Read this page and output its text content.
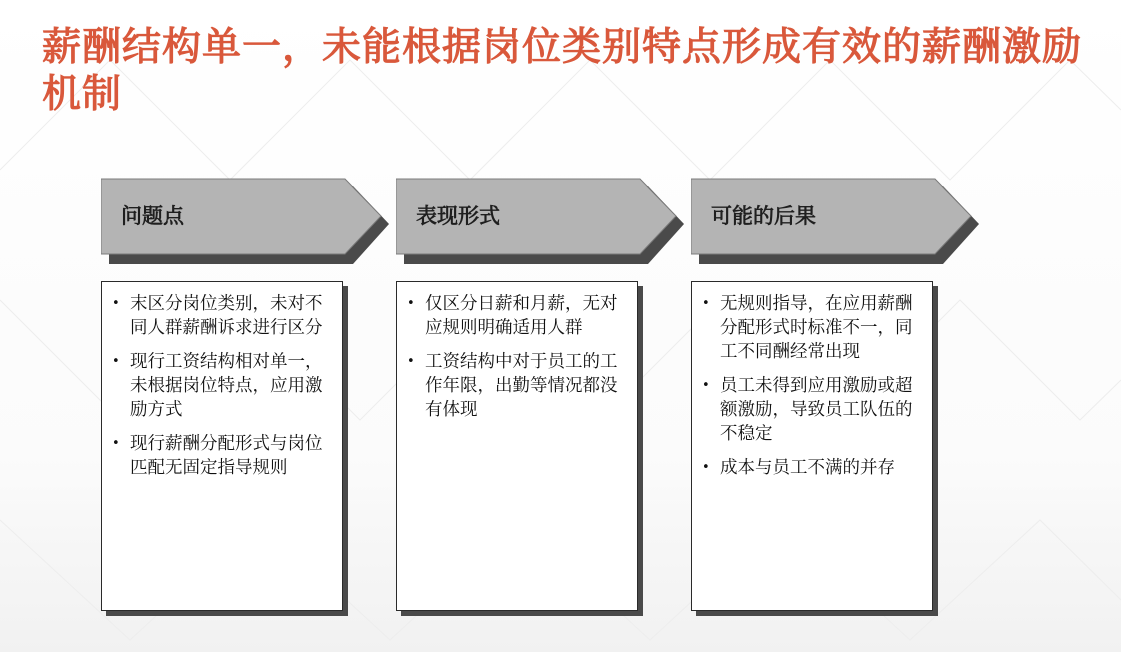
薪酬结构单一，未能根据岗位类别特点形成有效的薪酬激励机制
问题点
• 末区分岗位类别，未对不同人群薪酬诉求进行区分
• 现行工资结构相对单一，未根据岗位特点，应用激励方式
• 现行薪酬分配形式与岗位匹配无固定指导规则
表现形式
• 仅区分日薪和月薪，无对应规则明确适用人群
• 工资结构中对于员工的工作年限，出勤等情况都没有体现
可能的后果
• 无规则指导，在应用薪酬分配形式时标准不一，同工不同酬经常出现
• 员工未得到应用激励或超额激励，导致员工队伍的不稳定
• 成本与员工不满的并存
